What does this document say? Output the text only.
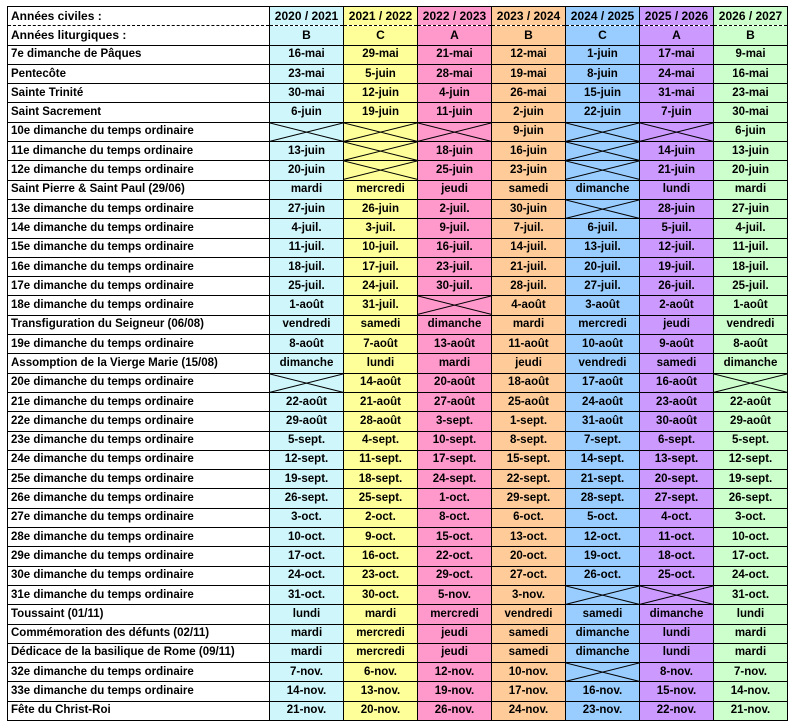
Années civiles :	2020 / 2021	2021 / 2022	2022 / 2023	2023 / 2024	2024 / 2025	2025 / 2026	2026 / 2027
Années liturgiques :	B	C	A	B	C	A	B
7e dimanche de Pâques	16-mai	29-mai	21-mai	12-mai	1-juin	17-mai	9-mai
Pentecôte	23-mai	5-juin	28-mai	19-mai	8-juin	24-mai	16-mai
Sainte Trinité	30-mai	12-juin	4-juin	26-mai	15-juin	31-mai	23-mai
Saint Sacrement	6-juin	19-juin	11-juin	2-juin	22-juin	7-juin	30-mai
10e dimanche du temps ordinaire				9-juin			6-juin
11e dimanche du temps ordinaire	13-juin		18-juin	16-juin		14-juin	13-juin
12e dimanche du temps ordinaire	20-juin		25-juin	23-juin		21-juin	20-juin
Saint Pierre & Saint Paul (29/06)	mardi	mercredi	jeudi	samedi	dimanche	lundi	mardi
13e dimanche du temps ordinaire	27-juin	26-juin	2-juil.	30-juin		28-juin	27-juin
14e dimanche du temps ordinaire	4-juil.	3-juil.	9-juil.	7-juil.	6-juil.	5-juil.	4-juil.
15e dimanche du temps ordinaire	11-juil.	10-juil.	16-juil.	14-juil.	13-juil.	12-juil.	11-juil.
16e dimanche du temps ordinaire	18-juil.	17-juil.	23-juil.	21-juil.	20-juil.	19-juil.	18-juil.
17e dimanche du temps ordinaire	25-juil.	24-juil.	30-juil.	28-juil.	27-juil.	26-juil.	25-juil.
18e dimanche du temps ordinaire	1-août	31-juil.		4-août	3-août	2-août	1-août
Transfiguration du Seigneur (06/08)	vendredi	samedi	dimanche	mardi	mercredi	jeudi	vendredi
19e dimanche du temps ordinaire	8-août	7-août	13-août	11-août	10-août	9-août	8-août
Assomption de la Vierge Marie (15/08)	dimanche	lundi	mardi	jeudi	vendredi	samedi	dimanche
20e dimanche du temps ordinaire		14-août	20-août	18-août	17-août	16-août	

21e dimanche du temps ordinaire	22-août	21-août	27-août	25-août	24-août	23-août	22-août
22e dimanche du temps ordinaire	29-août	28-août	3-sept.	1-sept.	31-août	30-août	29-août
23e dimanche du temps ordinaire	5-sept.	4-sept.	10-sept.	8-sept.	7-sept.	6-sept.	5-sept.
24e dimanche du temps ordinaire	12-sept.	11-sept.	17-sept.	15-sept.	14-sept.	13-sept.	12-sept.
25e dimanche du temps ordinaire	19-sept.	18-sept.	24-sept.	22-sept.	21-sept.	20-sept.	19-sept.
26e dimanche du temps ordinaire	26-sept.	25-sept.	1-oct.	29-sept.	28-sept.	27-sept.	26-sept.
27e dimanche du temps ordinaire	3-oct.	2-oct.	8-oct.	6-oct.	5-oct.	4-oct.	3-oct.
28e dimanche du temps ordinaire	10-oct.	9-oct.	15-oct.	13-oct.	12-oct.	11-oct.	10-oct.
29e dimanche du temps ordinaire	17-oct.	16-oct.	22-oct.	20-oct.	19-oct.	18-oct.	17-oct.
30e dimanche du temps ordinaire	24-oct.	23-oct.	29-oct.	27-oct.	26-oct.	25-oct.	24-oct.
31e dimanche du temps ordinaire	31-oct.	30-oct.	5-nov.	3-nov.			31-oct.
Toussaint (01/11)	lundi	mardi	mercredi	vendredi	samedi	dimanche	lundi
Commémoration des défunts (02/11)	mardi	mercredi	jeudi	samedi	dimanche	lundi	mardi
Dédicace de la basilique de Rome (09/11)	mardi	mercredi	jeudi	samedi	dimanche	lundi	mardi
32e dimanche du temps ordinaire	7-nov.	6-nov.	12-nov.	10-nov.		8-nov.	7-nov.
33e dimanche du temps ordinaire	14-nov.	13-nov.	19-nov.	17-nov.	16-nov.	15-nov.	14-nov.
Fête du Christ-Roi	21-nov.	20-nov.	26-nov.	24-nov.	23-nov.	22-nov.	21-nov.
